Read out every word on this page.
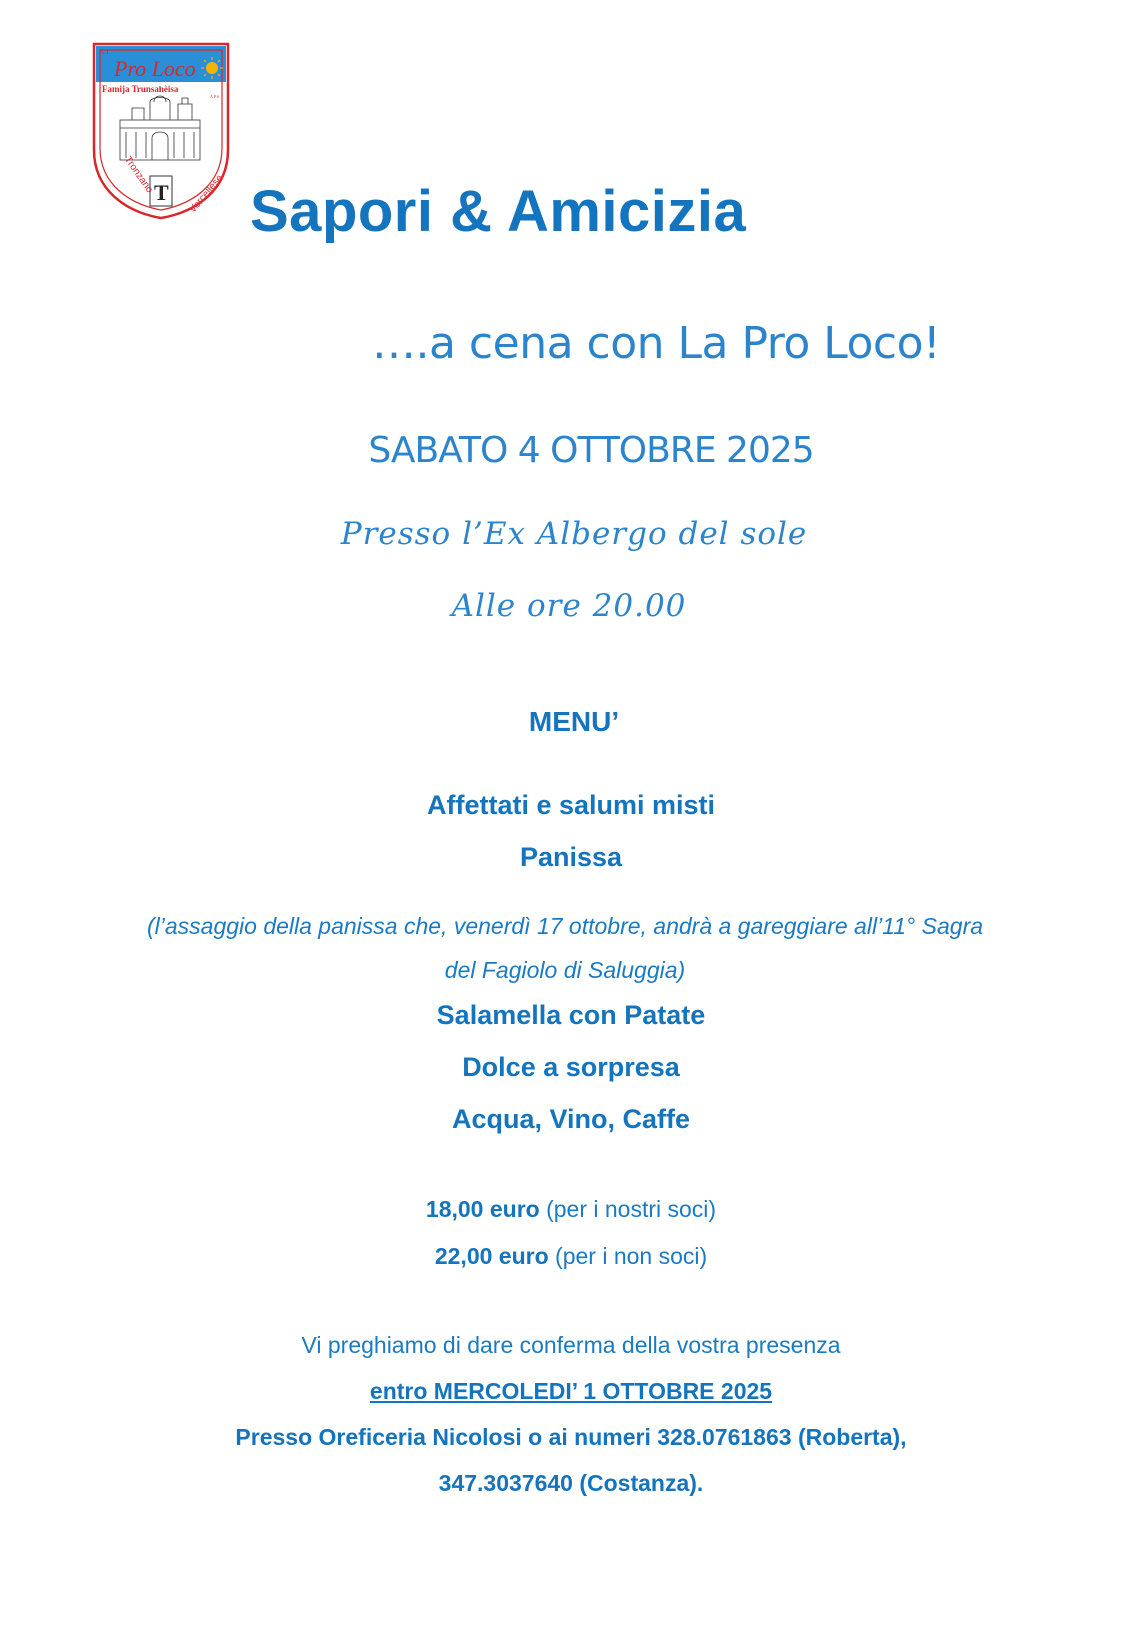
A.T.
Pro Loco
Famija Trunsanèisa
A.P.S.
T
Tronzano	Vercellese Sapori & Amicizia
….a cena con La Pro Loco!
SABATO 4 OTTOBRE 2025
Presso l’Ex Albergo del sole
Alle ore 20.00
MENU’
Affettati e salumi misti
Panissa
(l’assaggio della panissa che, venerdì 17 ottobre, andrà a gareggiare all’11° Sagra
del Fagiolo di Saluggia)
Salamella con Patate
Dolce a sorpresa
Acqua, Vino, Caffe
18,00 euro (per i nostri soci)
22,00 euro (per i non soci)
Vi preghiamo di dare conferma della vostra presenza
entro MERCOLEDI’ 1 OTTOBRE 2025
Presso Oreficeria Nicolosi o ai numeri 328.0761863 (Roberta),
347.3037640 (Costanza).
